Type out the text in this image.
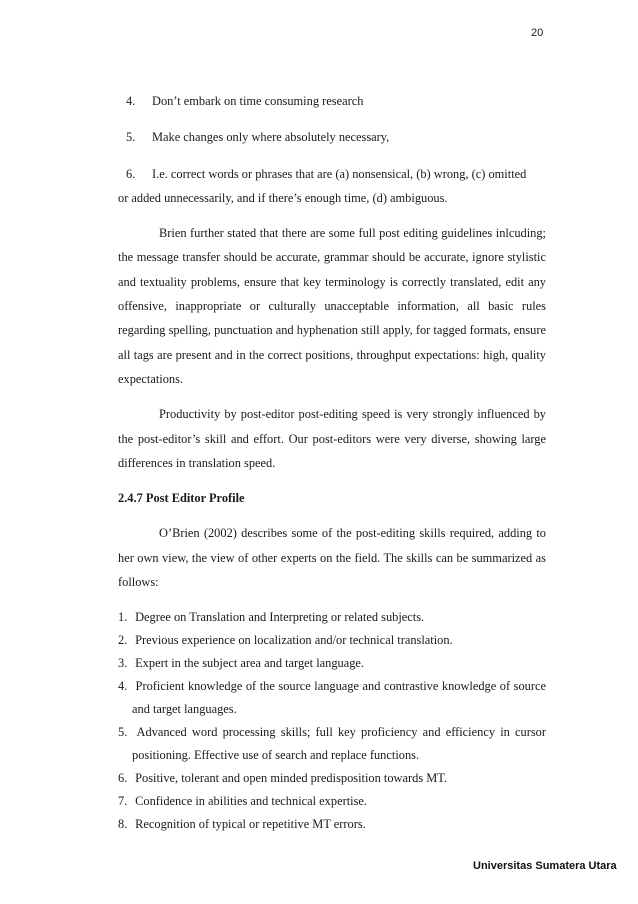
20

4. Don’t embark on time consuming research

5. Make changes only where absolutely necessary,

6. I.e. correct words or phrases that are (a) nonsensical, (b) wrong, (c) omitted

or added unnecessarily, and if there’s enough time, (d) ambiguous.

Brien further stated that there are some full post editing guidelines inlcuding; the message transfer should be accurate, grammar should be accurate, ignore stylistic and textuality problems, ensure that key terminology is correctly translated, edit any offensive, inappropriate or culturally unacceptable information, all basic rules regarding spelling, punctuation and hyphenation still apply, for tagged formats, ensure all tags are present and in the correct positions, throughput expectations: high, quality expectations.

Productivity by post-editor post-editing speed is very strongly influenced by the post-editor’s skill and effort. Our post-editors were very diverse, showing large differences in translation speed.

2.4.7 Post Editor Profile

O’Brien (2002) describes some of the post-editing skills required, adding to her own view, the view of other experts on the field. The skills can be summarized as follows:

1. Degree on Translation and Interpreting or related subjects.
2. Previous experience on localization and/or technical translation.
3. Expert in the subject area and target language.
4. Proficient knowledge of the source language and contrastive knowledge of source and target languages.
5. Advanced word processing skills; full key proficiency and efficiency in cursor positioning. Effective use of search and replace functions.
6. Positive, tolerant and open minded predisposition towards MT.
7. Confidence in abilities and technical expertise.
8. Recognition of typical or repetitive MT errors.
Universitas Sumatera Utara
